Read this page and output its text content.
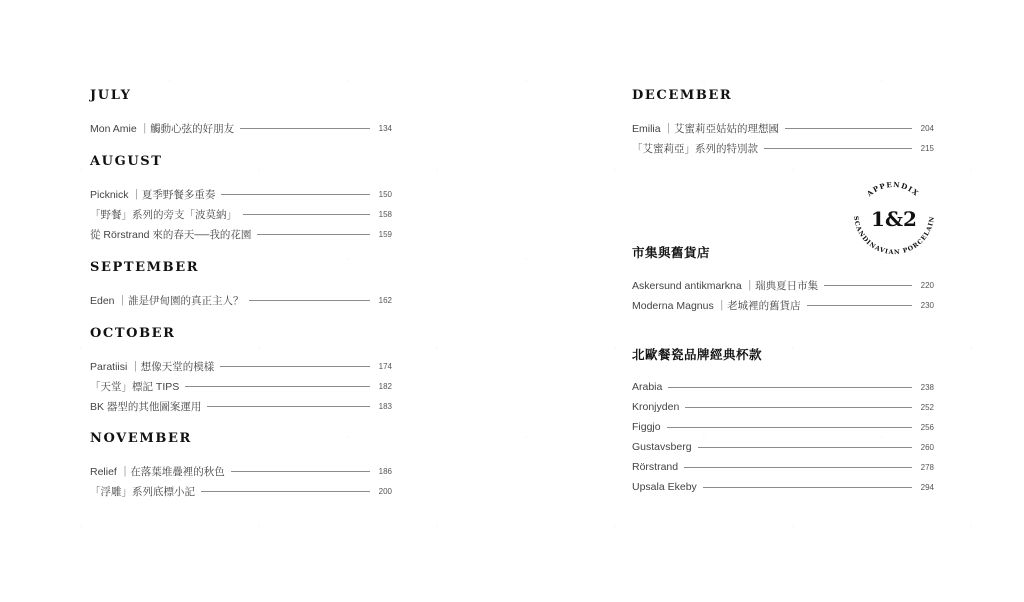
JULY
Mon Amie ｜觸動心弦的好朋友	134
AUGUST
Picknick ｜夏季野餐多重奏	150
「野餐」系列的旁支「波莫納」	158
從 Rörstrand 來的春天──我的花園	159
SEPTEMBER
Eden ｜誰是伊甸園的真正主人？	162
OCTOBER
Paratiisi ｜想像天堂的模樣	174
「天堂」標記 TIPS	182
BK 器型的其他圖案運用	183
NOVEMBER
Relief ｜在落葉堆疊裡的秋色	186
「浮雕」系列底標小記	200
DECEMBER
Emilia ｜艾蜜莉亞姑姑的理想國	204
「艾蜜莉亞」系列的特別款	215
市集與舊貨店
Askersund antikmarkna ｜瑞典夏日市集	220
Moderna Magnus ｜老城裡的舊貨店	230
北歐餐瓷品牌經典杯款
Arabia	238
Kronjyden	252
Figgjo	256
Gustavsberg	260
Rörstrand	278
Upsala Ekeby	294
APPENDIX
1&2
SCANDINAVIAN PORCELAIN
